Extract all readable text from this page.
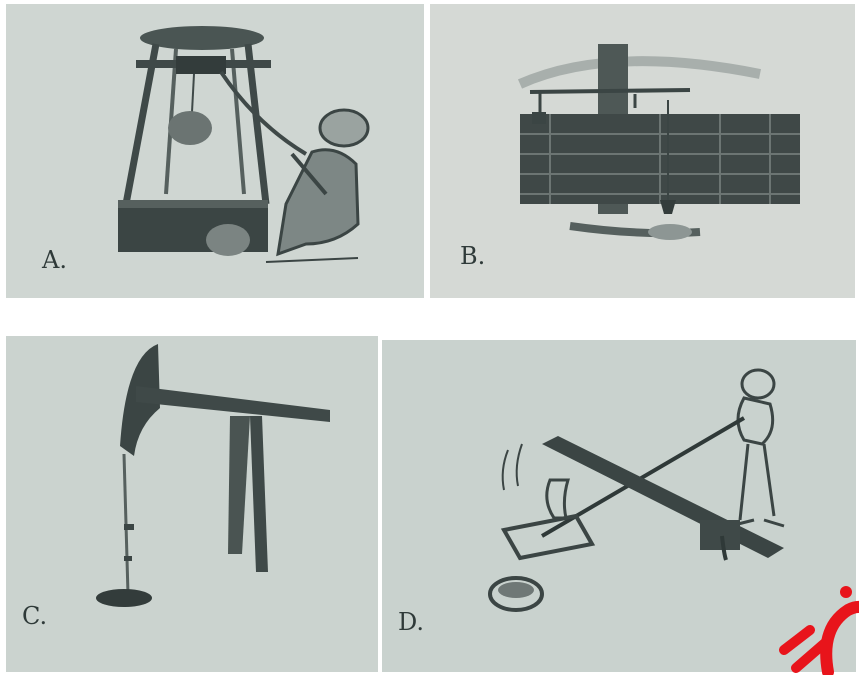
A.	B.
C.	D.
